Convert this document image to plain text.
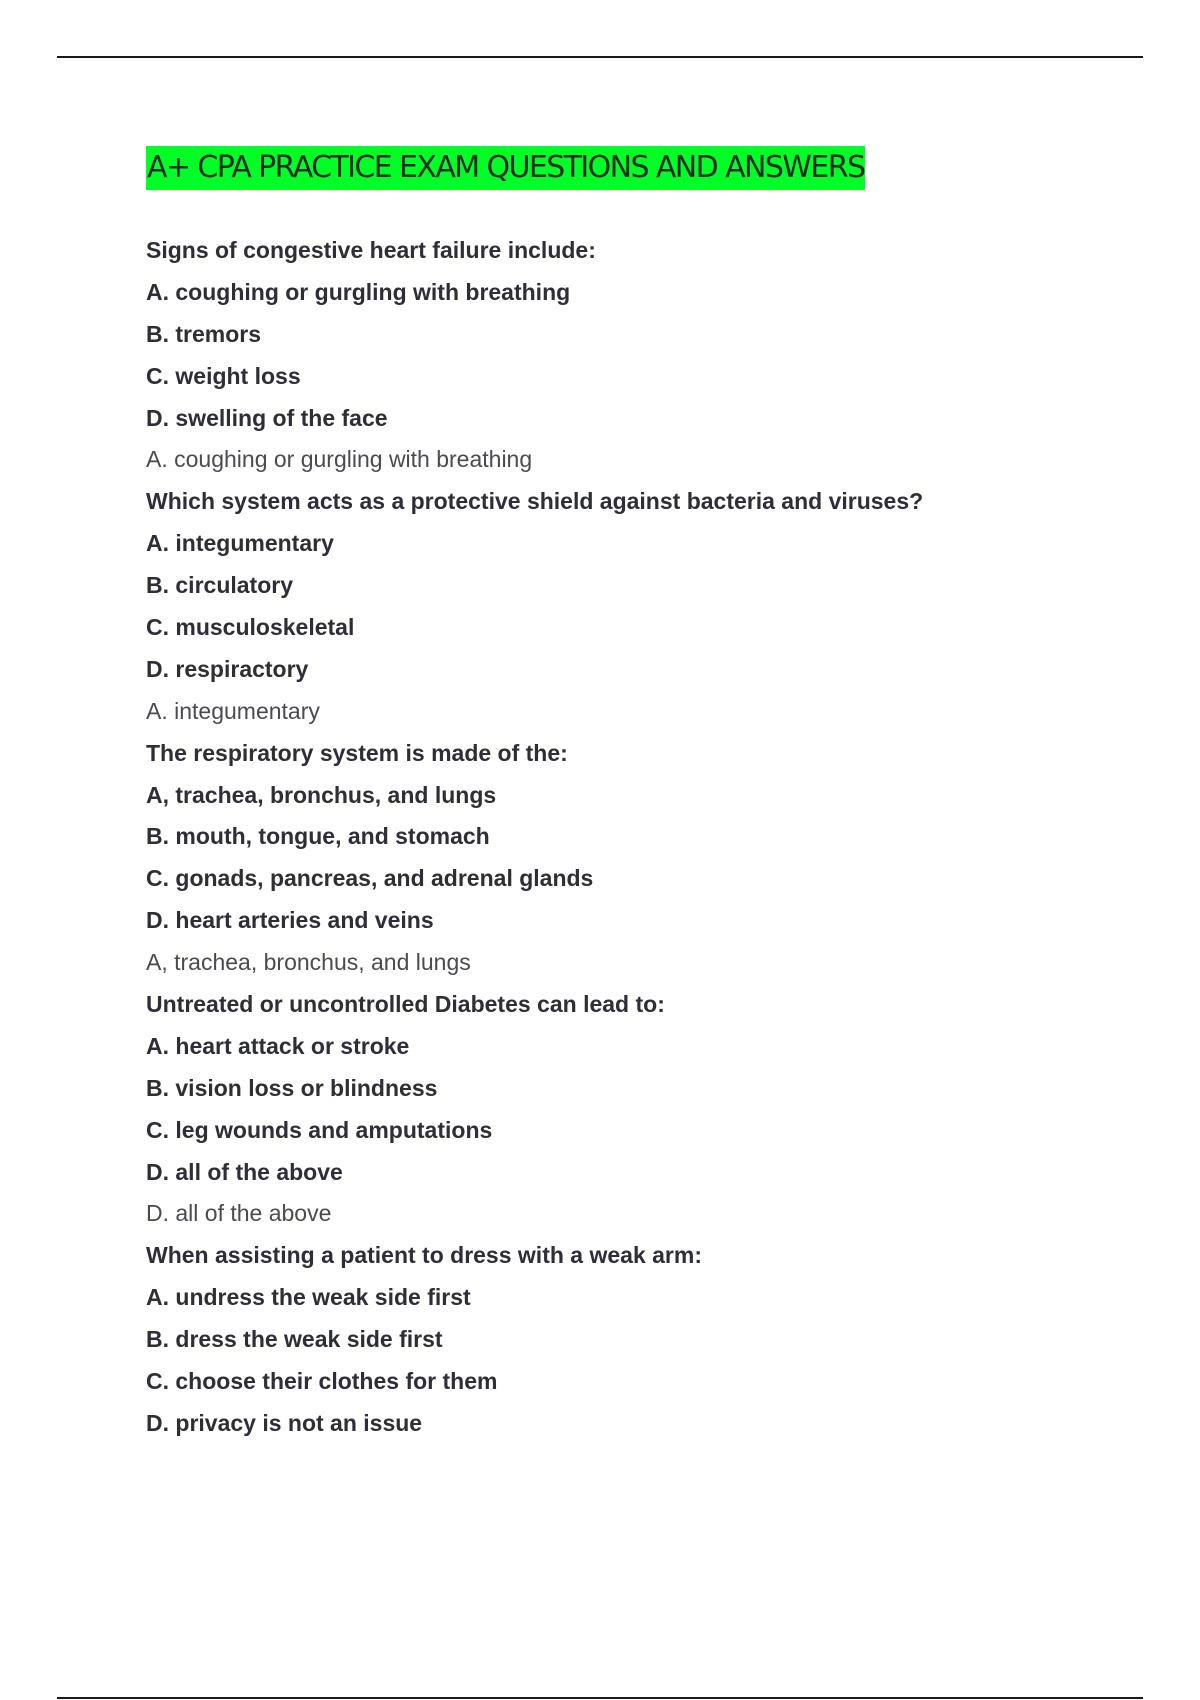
A+ CPA PRACTICE EXAM QUESTIONS AND ANSWERS
Signs of congestive heart failure include:
A. coughing or gurgling with breathing
B. tremors
C. weight loss
D. swelling of the face
A. coughing or gurgling with breathing
Which system acts as a protective shield against bacteria and viruses?
A. integumentary
B. circulatory
C. musculoskeletal
D. respiractory
A. integumentary
The respiratory system is made of the:
A, trachea, bronchus, and lungs
B. mouth, tongue, and stomach
C. gonads, pancreas, and adrenal glands
D. heart arteries and veins
A, trachea, bronchus, and lungs
Untreated or uncontrolled Diabetes can lead to:
A. heart attack or stroke
B. vision loss or blindness
C. leg wounds and amputations
D. all of the above
D. all of the above
When assisting a patient to dress with a weak arm:
A. undress the weak side first
B. dress the weak side first
C. choose their clothes for them
D. privacy is not an issue
